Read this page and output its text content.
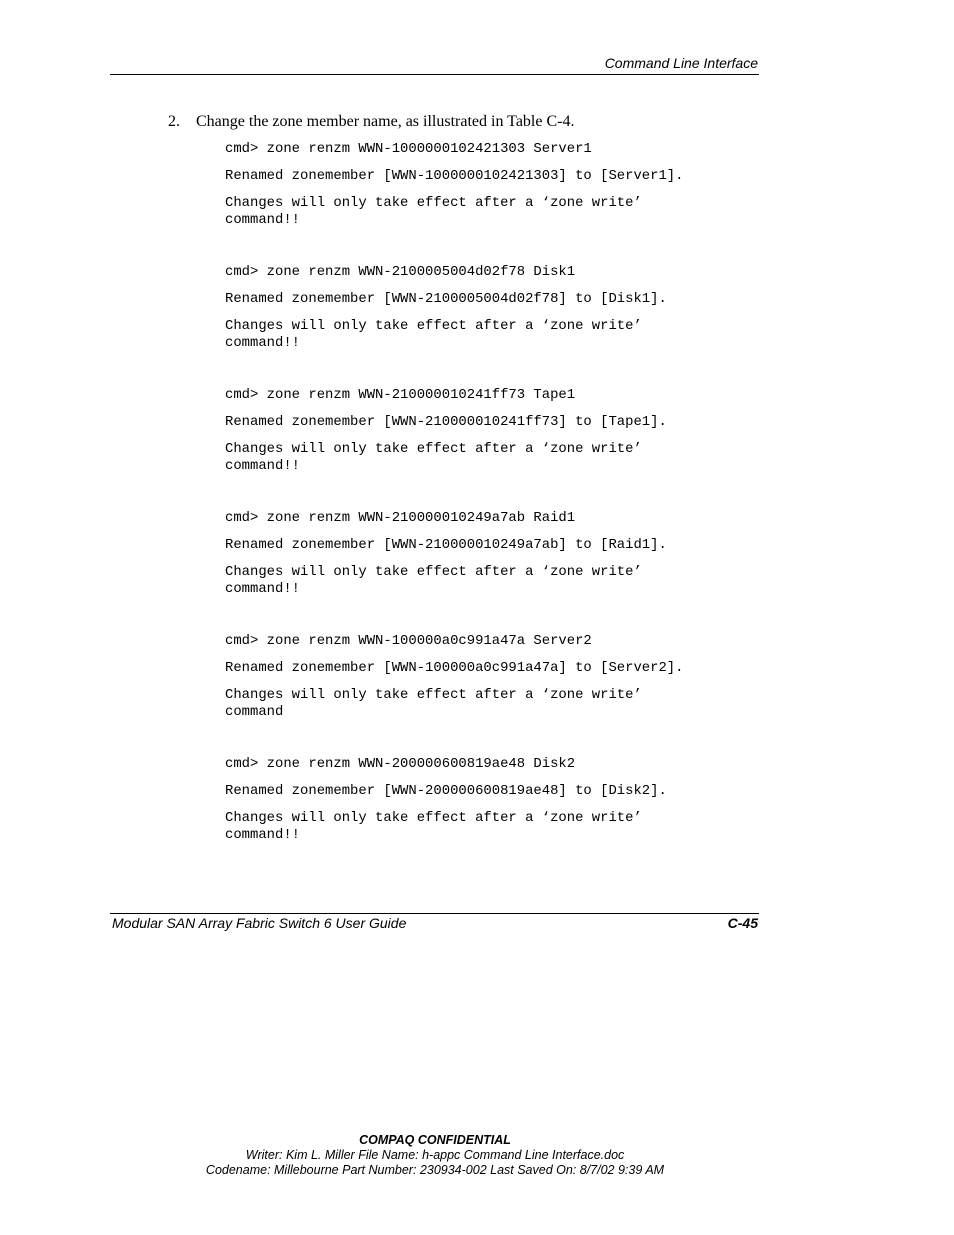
Command Line Interface
2. Change the zone member name, as illustrated in Table C-4.

cmd> zone renzm WWN-1000000102421303 Server1

Renamed zonemember [WWN-1000000102421303] to [Server1].

Changes will only take effect after a ‘zone write’

command!!

cmd> zone renzm WWN-2100005004d02f78 Disk1

Renamed zonemember [WWN-2100005004d02f78] to [Disk1].

Changes will only take effect after a ‘zone write’

command!!

cmd> zone renzm WWN-210000010241ff73 Tape1

Renamed zonemember [WWN-210000010241ff73] to [Tape1].

Changes will only take effect after a ‘zone write’

command!!

cmd> zone renzm WWN-210000010249a7ab Raid1

Renamed zonemember [WWN-210000010249a7ab] to [Raid1].

Changes will only take effect after a ‘zone write’

command!!

cmd> zone renzm WWN-100000a0c991a47a Server2

Renamed zonemember [WWN-100000a0c991a47a] to [Server2].

Changes will only take effect after a ‘zone write’

command

cmd> zone renzm WWN-200000600819ae48 Disk2

Renamed zonemember [WWN-200000600819ae48] to [Disk2].

Changes will only take effect after a ‘zone write’

command!!

Modular SAN Array Fabric Switch 6 User Guide	C-45
COMPAQ CONFIDENTIAL
Writer: Kim L. Miller File Name: h-appc Command Line Interface.doc
Codename: Millebourne Part Number: 230934-002 Last Saved On: 8/7/02 9:39 AM
